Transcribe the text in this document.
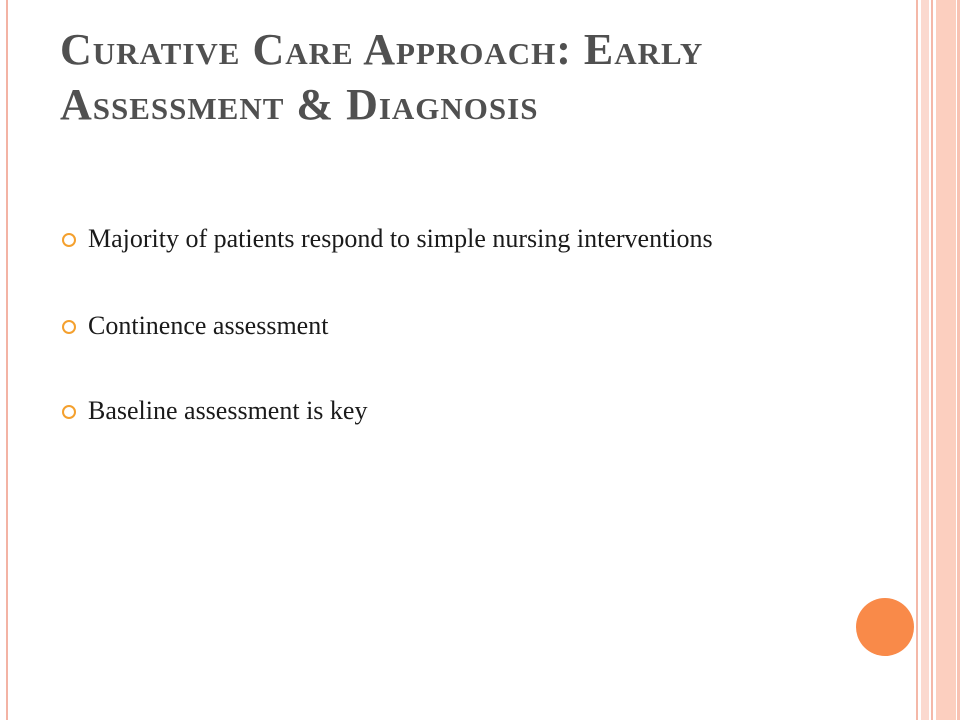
Curative Care Approach: Early Assessment & Diagnosis
Majority of patients respond to simple nursing interventions
Continence assessment
Baseline assessment is key
